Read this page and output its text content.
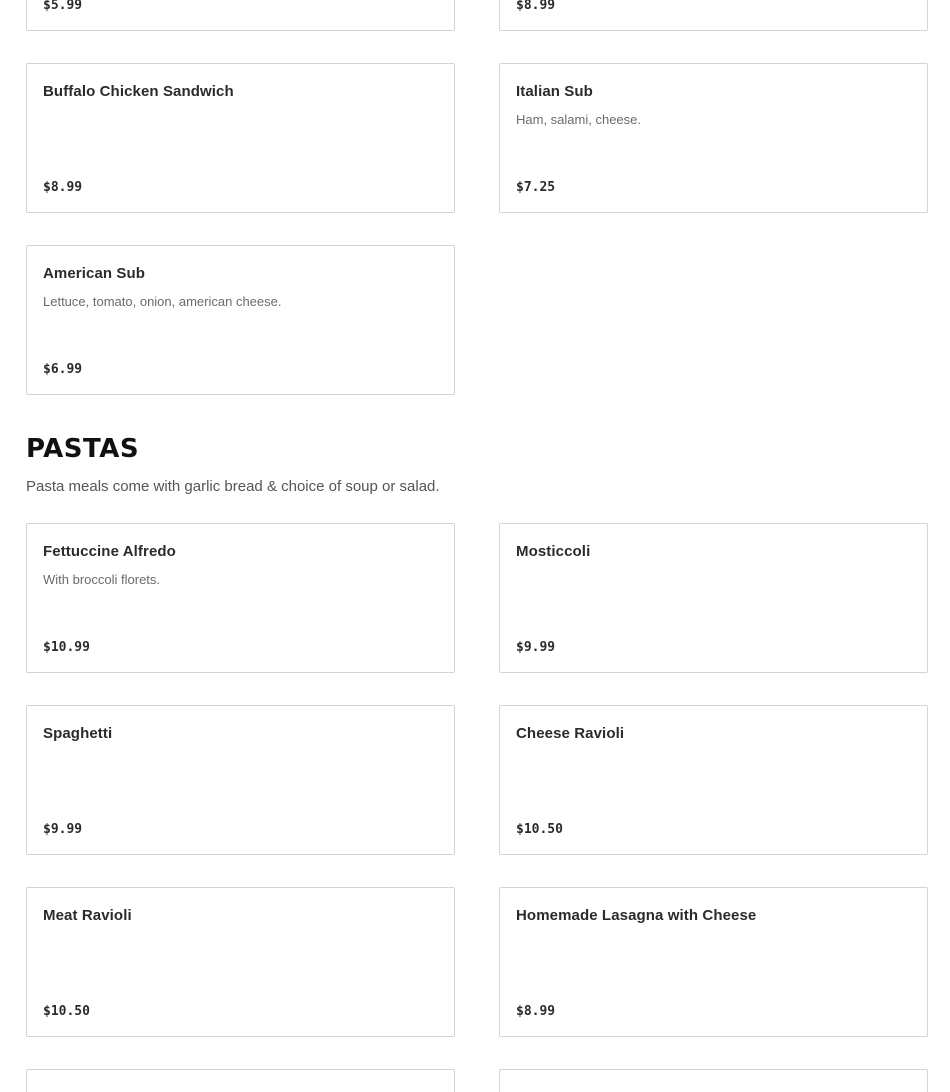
$5.99	$8.99
Buffalo Chicken Sandwich
$8.99
Italian Sub
Ham, salami, cheese.
$7.25
American Sub
Lettuce, tomato, onion, american cheese.
$6.99
PASTAS
Pasta meals come with garlic bread & choice of soup or salad.
Fettuccine Alfredo
With broccoli florets.
$10.99
Mosticcoli
$9.99
Spaghetti
$9.99
Cheese Ravioli
$10.50
Meat Ravioli
$10.50
Homemade Lasagna with Cheese
$8.99
